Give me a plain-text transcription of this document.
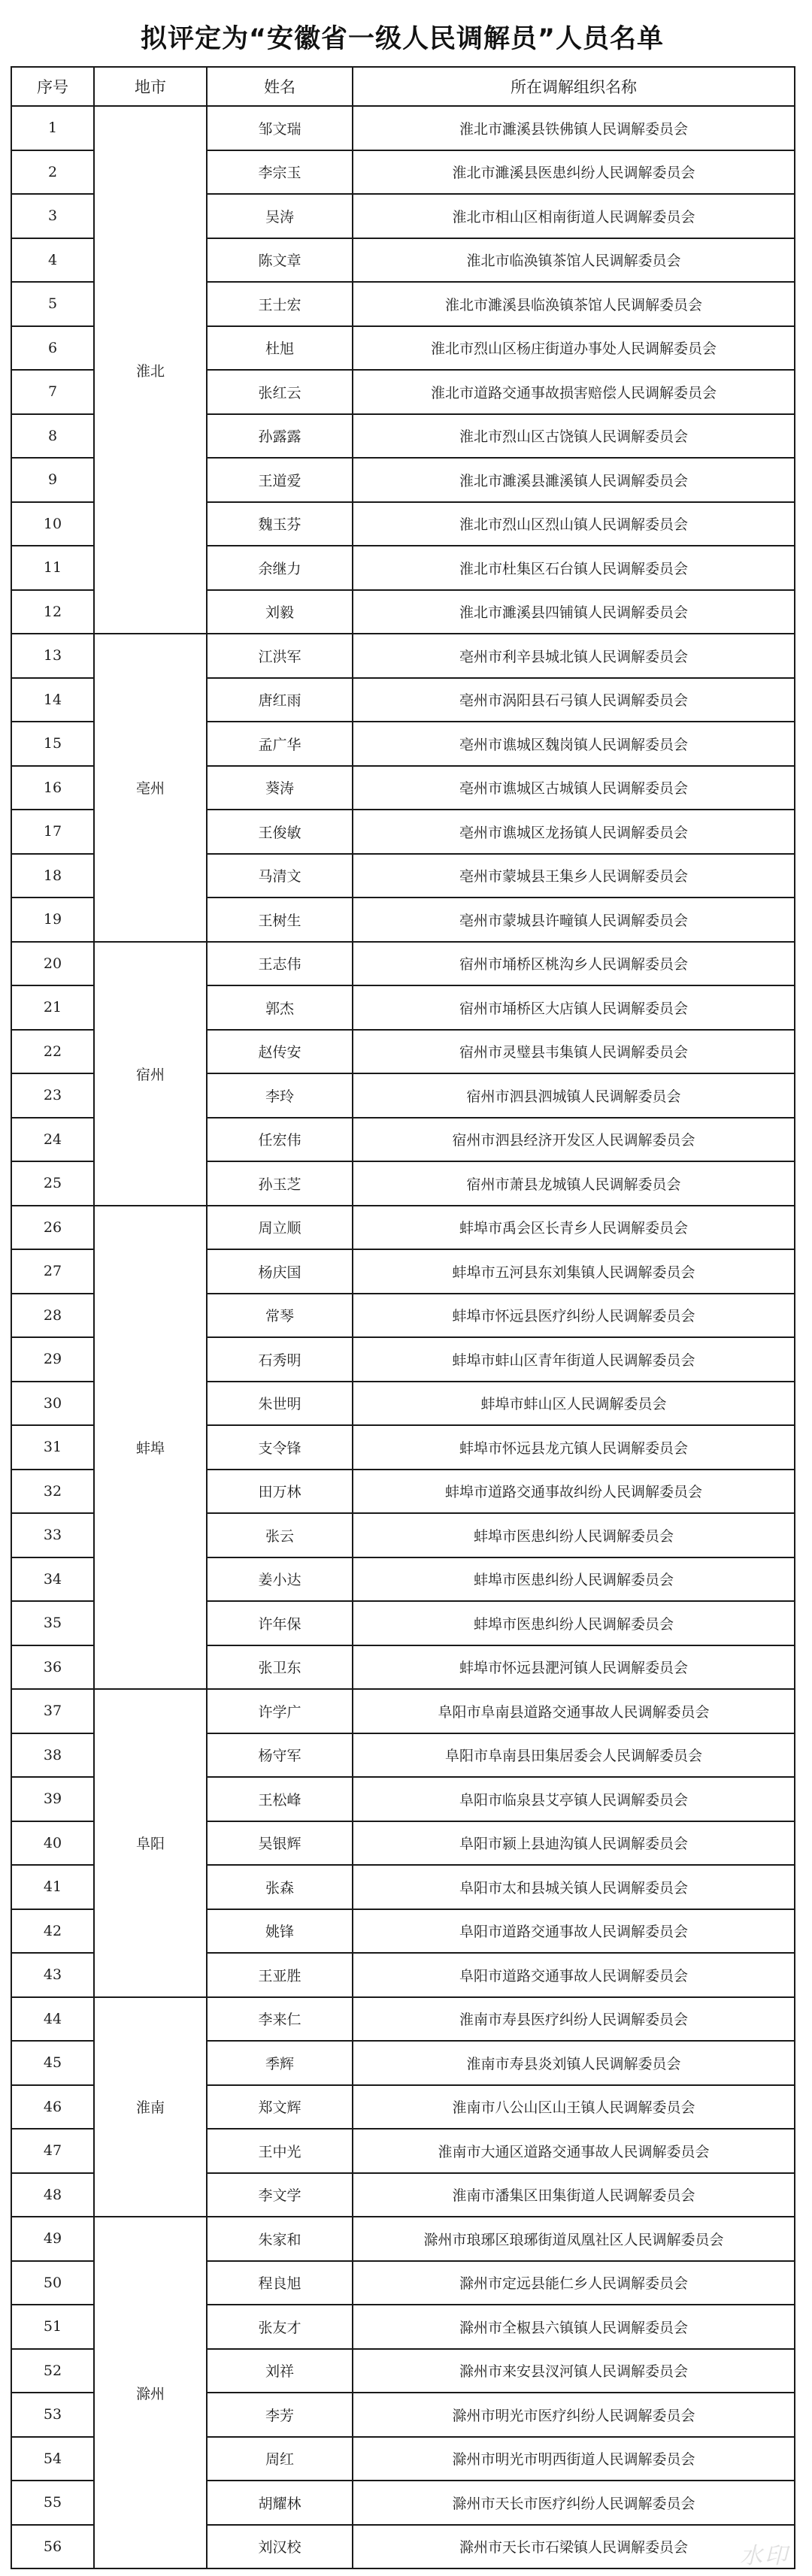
拟评定为“安徽省一级人民调解员”人员名单
序号	地市	姓名	所在调解组织名称
1	淮北	邹文瑞	淮北市濉溪县铁佛镇人民调解委员会
2		李宗玉	淮北市濉溪县医患纠纷人民调解委员会
3		吴涛	淮北市相山区相南街道人民调解委员会
4		陈文章	淮北市临涣镇茶馆人民调解委员会
5		王士宏	淮北市濉溪县临涣镇茶馆人民调解委员会
6		杜旭	淮北市烈山区杨庄街道办事处人民调解委员会
7		张红云	淮北市道路交通事故损害赔偿人民调解委员会
8		孙露露	淮北市烈山区古饶镇人民调解委员会
9		王道爱	淮北市濉溪县濉溪镇人民调解委员会
10		魏玉芬	淮北市烈山区烈山镇人民调解委员会
11		余继力	淮北市杜集区石台镇人民调解委员会
12		刘毅	淮北市濉溪县四铺镇人民调解委员会
13	亳州	江洪军	亳州市利辛县城北镇人民调解委员会
14		唐红雨	亳州市涡阳县石弓镇人民调解委员会
15		孟广华	亳州市谯城区魏岗镇人民调解委员会
16		葵涛	亳州市谯城区古城镇人民调解委员会
17		王俊敏	亳州市谯城区龙扬镇人民调解委员会
18		马清文	亳州市蒙城县王集乡人民调解委员会
19		王树生	亳州市蒙城县许疃镇人民调解委员会
20	宿州	王志伟	宿州市埇桥区桃沟乡人民调解委员会
21		郭杰	宿州市埇桥区大店镇人民调解委员会
22		赵传安	宿州市灵璧县韦集镇人民调解委员会
23		李玲	宿州市泗县泗城镇人民调解委员会
24		任宏伟	宿州市泗县经济开发区人民调解委员会
25		孙玉芝	宿州市萧县龙城镇人民调解委员会
26	蚌埠	周立顺	蚌埠市禹会区长青乡人民调解委员会
27		杨庆国	蚌埠市五河县东刘集镇人民调解委员会
28		常琴	蚌埠市怀远县医疗纠纷人民调解委员会
29		石秀明	蚌埠市蚌山区青年街道人民调解委员会
30		朱世明	蚌埠市蚌山区人民调解委员会
31		支令锋	蚌埠市怀远县龙亢镇人民调解委员会
32		田万林	蚌埠市道路交通事故纠纷人民调解委员会
33		张云	蚌埠市医患纠纷人民调解委员会
34		姜小达	蚌埠市医患纠纷人民调解委员会
35		许年保	蚌埠市医患纠纷人民调解委员会
36		张卫东	蚌埠市怀远县淝河镇人民调解委员会
37	阜阳	许学广	阜阳市阜南县道路交通事故人民调解委员会
38		杨守军	阜阳市阜南县田集居委会人民调解委员会
39		王松峰	阜阳市临泉县艾亭镇人民调解委员会
40		吴银辉	阜阳市颍上县迪沟镇人民调解委员会
41		张森	阜阳市太和县城关镇人民调解委员会
42		姚锋	阜阳市道路交通事故人民调解委员会
43		王亚胜	阜阳市道路交通事故人民调解委员会
44	淮南	李来仁	淮南市寿县医疗纠纷人民调解委员会
45		季辉	淮南市寿县炎刘镇人民调解委员会
46		郑文辉	淮南市八公山区山王镇人民调解委员会
47		王中光	淮南市大通区道路交通事故人民调解委员会
48		李文学	淮南市潘集区田集街道人民调解委员会
49	滁州	朱家和	滁州市琅琊区琅琊街道凤凰社区人民调解委员会
50		程良旭	滁州市定远县能仁乡人民调解委员会
51		张友才	滁州市全椒县六镇镇人民调解委员会
52		刘祥	滁州市来安县汊河镇人民调解委员会
53		李芳	滁州市明光市医疗纠纷人民调解委员会
54		周红	滁州市明光市明西街道人民调解委员会
55		胡耀林	滁州市天长市医疗纠纷人民调解委员会
56		刘汉校	滁州市天长市石梁镇人民调解委员会 水印
